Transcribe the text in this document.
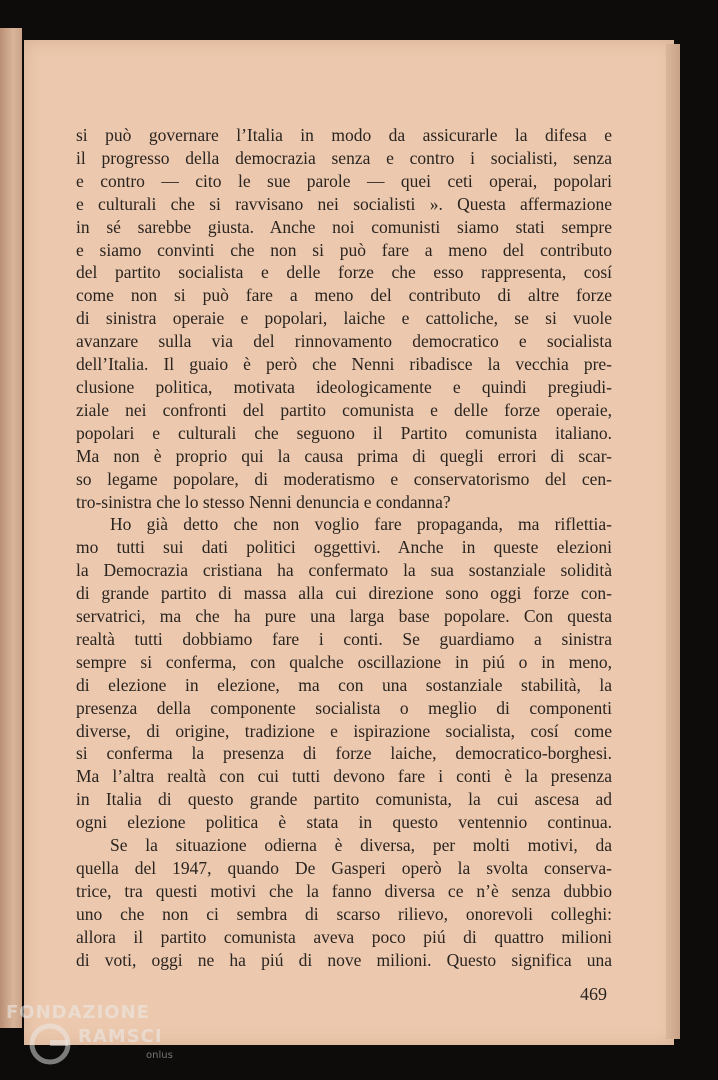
si può governare l’Italia in modo da assicurarle la difesa e
il progresso della democrazia senza e contro i socialisti, senza
e contro — cito le sue parole — quei ceti operai, popolari
e culturali che si ravvisano nei socialisti ». Questa affermazione
in sé sarebbe giusta. Anche noi comunisti siamo stati sempre
e siamo convinti che non si può fare a meno del contributo
del partito socialista e delle forze che esso rappresenta, cosí
come non si può fare a meno del contributo di altre forze
di sinistra operaie e popolari, laiche e cattoliche, se si vuole
avanzare sulla via del rinnovamento democratico e socialista
dell’Italia. Il guaio è però che Nenni ribadisce la vecchia pre-
clusione politica, motivata ideologicamente e quindi pregiudi-
ziale nei confronti del partito comunista e delle forze operaie,
popolari e culturali che seguono il Partito comunista italiano.
Ma non è proprio qui la causa prima di quegli errori di scar-
so legame popolare, di moderatismo e conservatorismo del cen-
tro-sinistra che lo stesso Nenni denuncia e condanna?
Ho già detto che non voglio fare propaganda, ma riflettia-
mo tutti sui dati politici oggettivi. Anche in queste elezioni
la Democrazia cristiana ha confermato la sua sostanziale solidità
di grande partito di massa alla cui direzione sono oggi forze con-
servatrici, ma che ha pure una larga base popolare. Con questa
realtà tutti dobbiamo fare i conti. Se guardiamo a sinistra
sempre si conferma, con qualche oscillazione in piú o in meno,
di elezione in elezione, ma con una sostanziale stabilità, la
presenza della componente socialista o meglio di componenti
diverse, di origine, tradizione e ispirazione socialista, cosí come
si conferma la presenza di forze laiche, democratico-borghesi.
Ma l’altra realtà con cui tutti devono fare i conti è la presenza
in Italia di questo grande partito comunista, la cui ascesa ad
ogni elezione politica è stata in questo ventennio continua.
Se la situazione odierna è diversa, per molti motivi, da
quella del 1947, quando De Gasperi operò la svolta conserva-
trice, tra questi motivi che la fanno diversa ce n’è senza dubbio
uno che non ci sembra di scarso rilievo, onorevoli colleghi:
allora il partito comunista aveva poco piú di quattro milioni
di voti, oggi ne ha piú di nove milioni. Questo significa una
469
FONDAZIONE
RAMSCI
onlus
